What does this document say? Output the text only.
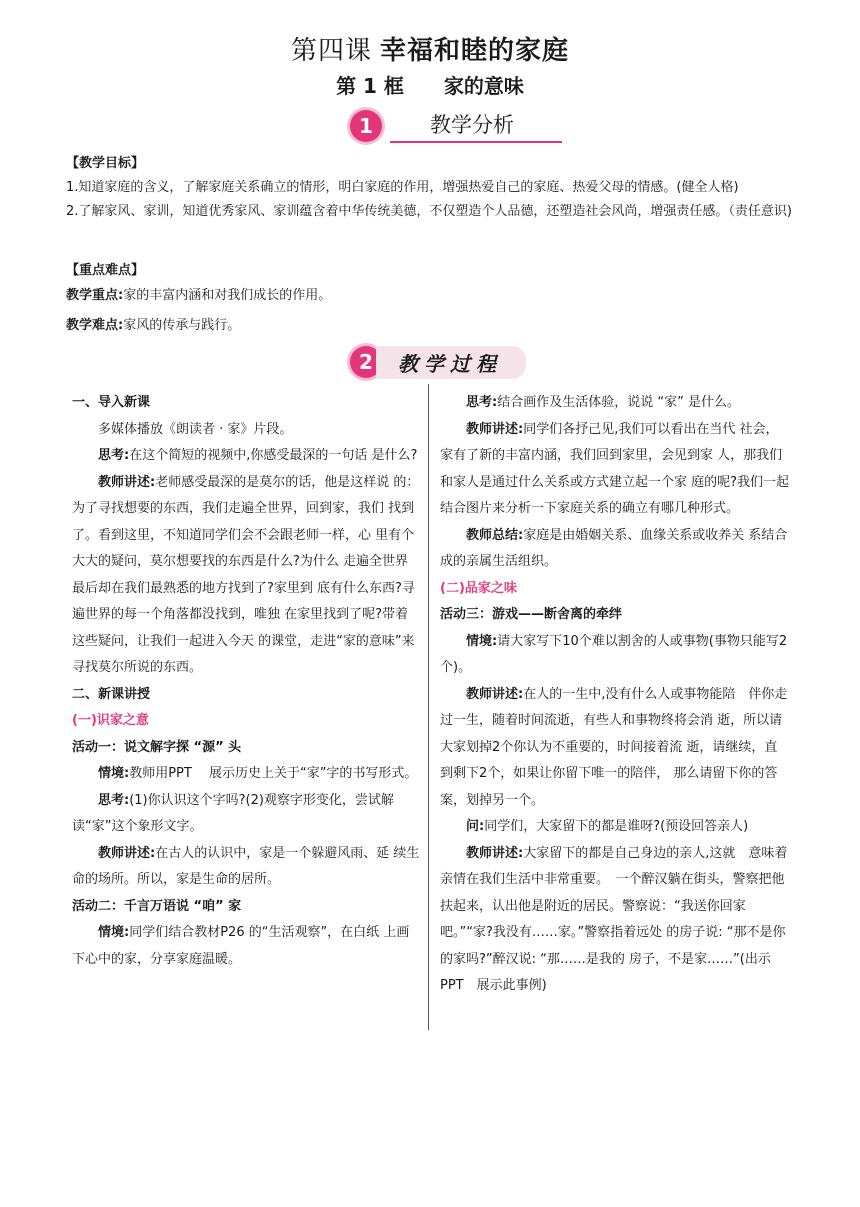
第四课 幸福和睦的家庭
第 1 框 家的意味
1	教学分析
【教学目标】
1.知道家庭的含义，了解家庭关系确立的情形，明白家庭的作用，增强热爱自己的家庭、热爱父母的情感。(健全人格)
2.了解家风、家训，知道优秀家风、家训蕴含着中华传统美德，不仅塑造个人品德，还塑造社会风尚，增强责任感。（责任意识)
【重点难点】
教学重点:家的丰富内涵和对我们成长的作用。
教学难点:家风的传承与践行。
2	教学过程

一、导入新课

多媒体播放《朗读者 · 家》片段。

思考:在这个简短的视频中,你感受最深的一句话 是什么?

教师讲述:老师感受最深的是莫尔的话，他是这样说 的：为了寻找想要的东西，我们走遍全世界，回到家，我们 找到了。看到这里，不知道同学们会不会跟老师一样，心 里有个大大的疑问，莫尔想要找的东西是什么?为什么 走遍全世界最后却在我们最熟悉的地方找到了?家里到 底有什么东西?寻遍世界的每一个角落都没找到，唯独 在家里找到了呢?带着这些疑问，让我们一起进入今天 的课堂，走进“家的意味”来寻找莫尔所说的东西。

二、新课讲授

(一)识家之意

活动一：说文解字探 “源” 头

情境:教师用PPT　 展示历史上关于“家”字的书写形式。

思考:(1)你认识这个字吗?(2)观察字形变化，尝试解读“家”这个象形文字。

教师讲述:在古人的认识中，家是一个躲避风雨、延 续生命的场所。所以，家是生命的居所。

活动二：千言万语说 “咱” 家

情境:同学们结合教材P26 的“生活观察”，在白纸 上画下心中的家，分享家庭温暖。

思考:结合画作及生活体验，说说 “家” 是什么。

教师讲述:同学们各抒己见,我们可以看出在当代 社会，家有了新的丰富内涵，我们回到家里，会见到家 人，那我们和家人是通过什么关系或方式建立起一个家 庭的呢?我们一起结合图片来分析一下家庭关系的确立有哪几种形式。

教师总结:家庭是由婚姻关系、血缘关系或收养关 系结合成的亲属生活组织。

(二)品家之味

活动三：游戏——断舍离的牵绊

情境:请大家写下10个难以割舍的人或事物(事物只能写2个)。

教师讲述:在人的一生中,没有什么人或事物能陪　伴你走过一生，随着时间流逝，有些人和事物终将会消 逝，所以请大家划掉2个你认为不重要的，时间接着流 逝，请继续，直到剩下2个，如果让你留下唯一的陪伴， 那么请留下你的答案，划掉另一个。

问:同学们，大家留下的都是谁呀?(预设回答亲人)

教师讲述:大家留下的都是自己身边的亲人,这就　意味着亲情在我们生活中非常重要。　一个醉汉躺在街头，警察把他扶起来，认出他是附近的居民。警察说：“我送你回家吧。”“家?我没有……家。”警察指着远处 的房子说: “那不是你的家吗?”醉汉说: “那……是我的 房子，不是家……”(出示PPT　展示此事例)
